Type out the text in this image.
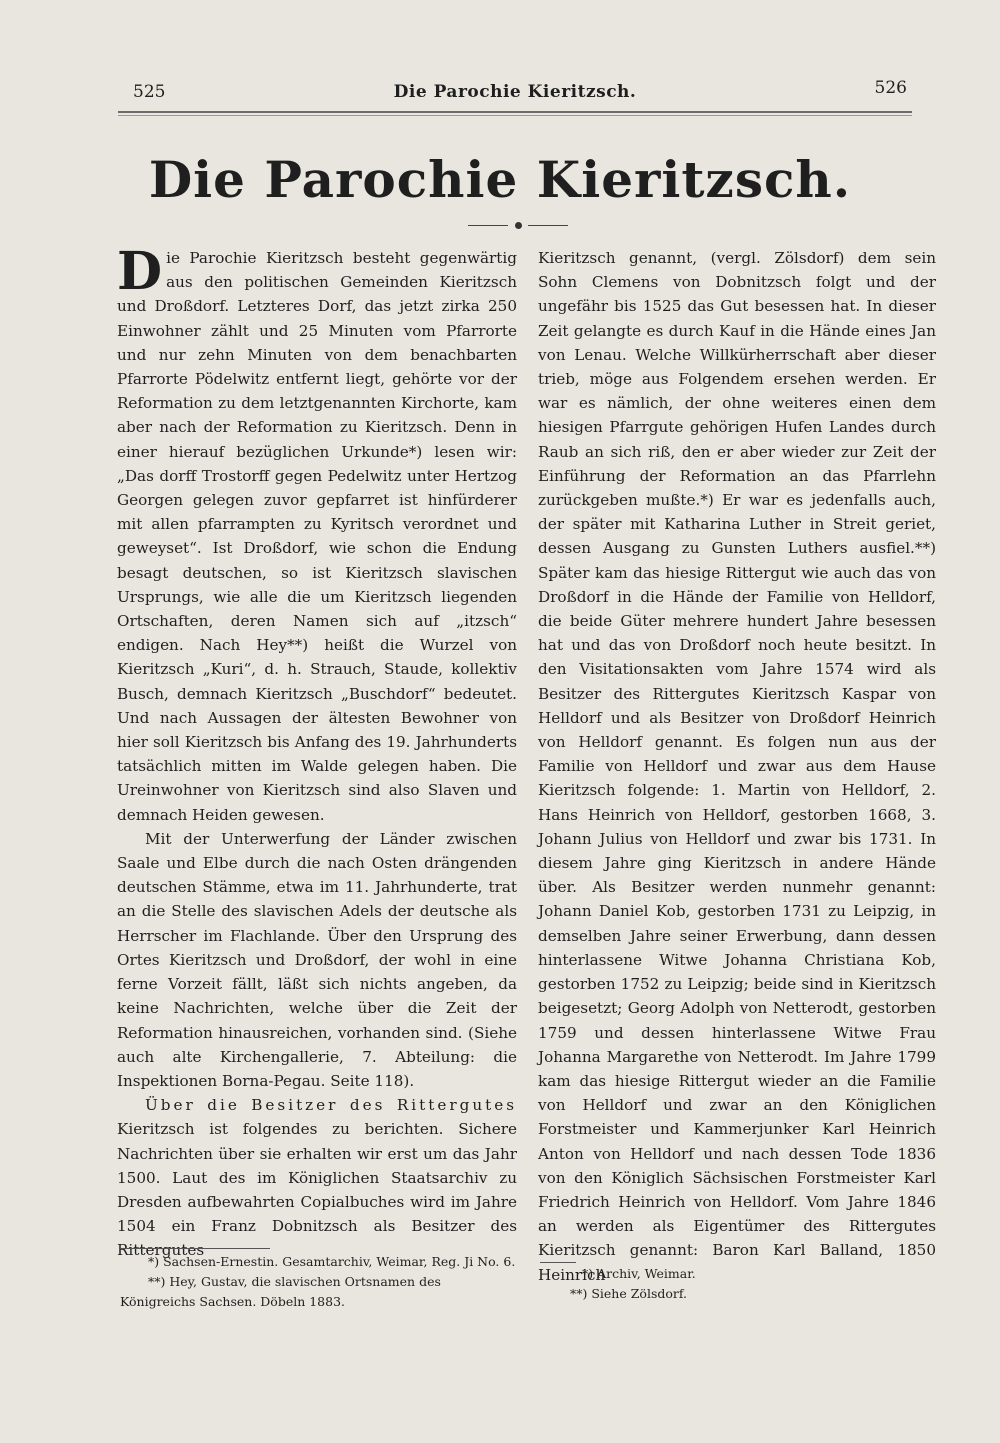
525	Die Parochie Kieritzsch.	526
Die Parochie Kieritzsch.

Die Parochie Kieritzsch besteht gegenwärtig aus den politischen Gemeinden Kieritzsch und Droßdorf. Letzteres Dorf, das jetzt zirka 250 Einwohner zählt und 25 Minuten vom Pfarrorte und nur zehn Minuten von dem benachbarten Pfarrorte Pödelwitz entfernt liegt, gehörte vor der Reformation zu dem letztgenannten Kirchorte, kam aber nach der Reformation zu Kieritzsch. Denn in einer hierauf bezüglichen Urkunde*) lesen wir: „Das dorff Trostorff gegen Pedelwitz unter Hertzog Georgen gelegen zuvor gepfarret ist hinfürderer mit allen pfarrampten zu Kyritsch verordnet und geweyset“. Ist Droßdorf, wie schon die Endung besagt deutschen, so ist Kieritzsch slavischen Ursprungs, wie alle die um Kieritzsch liegenden Ortschaften, deren Namen sich auf „itzsch“ endigen. Nach Hey**) heißt die Wurzel von Kieritzsch „Kuri“, d. h. Strauch, Staude, kollektiv Busch, demnach Kieritzsch „Buschdorf“ bedeutet. Und nach Aussagen der ältesten Bewohner von hier soll Kieritzsch bis Anfang des 19. Jahrhunderts tatsächlich mitten im Walde gelegen haben. Die Ureinwohner von Kieritzsch sind also Slaven und demnach Heiden gewesen.

Mit der Unterwerfung der Länder zwischen Saale und Elbe durch die nach Osten drängenden deutschen Stämme, etwa im 11. Jahrhunderte, trat an die Stelle des slavischen Adels der deutsche als Herrscher im Flachlande. Über den Ursprung des Ortes Kieritzsch und Droßdorf, der wohl in eine ferne Vorzeit fällt, läßt sich nichts angeben, da keine Nachrichten, welche über die Zeit der Reformation hinausreichen, vorhanden sind. (Siehe auch alte Kirchengallerie, 7. Abteilung: die Inspektionen Borna-Pegau. Seite 118).

Über die Besitzer des Rittergutes Kieritzsch ist folgendes zu berichten. Sichere Nachrichten über sie erhalten wir erst um das Jahr 1500. Laut des im Königlichen Staatsarchiv zu Dresden aufbewahrten Copialbuches wird im Jahre 1504 ein Franz Dobnitzsch als Besitzer des Rittergutes

*) Sachsen-Ernestin. Gesamtarchiv, Weimar, Reg. Ji No. 6.

**) Hey, Gustav, die slavischen Ortsnamen des Königreichs Sachsen. Döbeln 1883.

Kieritzsch genannt, (vergl. Zölsdorf) dem sein Sohn Clemens von Dobnitzsch folgt und der ungefähr bis 1525 das Gut besessen hat. In dieser Zeit gelangte es durch Kauf in die Hände eines Jan von Lenau. Welche Willkürherrschaft aber dieser trieb, möge aus Folgendem ersehen werden. Er war es nämlich, der ohne weiteres einen dem hiesigen Pfarrgute gehörigen Hufen Landes durch Raub an sich riß, den er aber wieder zur Zeit der Einführung der Reformation an das Pfarrlehn zurückgeben mußte.*) Er war es jedenfalls auch, der später mit Katharina Luther in Streit geriet, dessen Ausgang zu Gunsten Luthers ausfiel.**) Später kam das hiesige Rittergut wie auch das von Droßdorf in die Hände der Familie von Helldorf, die beide Güter mehrere hundert Jahre besessen hat und das von Droßdorf noch heute besitzt. In den Visitationsakten vom Jahre 1574 wird als Besitzer des Rittergutes Kieritzsch Kaspar von Helldorf und als Besitzer von Droßdorf Heinrich von Helldorf genannt. Es folgen nun aus der Familie von Helldorf und zwar aus dem Hause Kieritzsch folgende: 1. Martin von Helldorf, 2. Hans Heinrich von Helldorf, gestorben 1668, 3. Johann Julius von Helldorf und zwar bis 1731. In diesem Jahre ging Kieritzsch in andere Hände über. Als Besitzer werden nunmehr genannt: Johann Daniel Kob, gestorben 1731 zu Leipzig, in demselben Jahre seiner Erwerbung, dann dessen hinterlassene Witwe Johanna Christiana Kob, gestorben 1752 zu Leipzig; beide sind in Kieritzsch beigesetzt; Georg Adolph von Netterodt, gestorben 1759 und dessen hinterlassene Witwe Frau Johanna Margarethe von Netterodt. Im Jahre 1799 kam das hiesige Rittergut wieder an die Familie von Helldorf und zwar an den Königlichen Forstmeister und Kammerjunker Karl Heinrich Anton von Helldorf und nach dessen Tode 1836 von den Königlich Sächsischen Forstmeister Karl Friedrich Heinrich von Helldorf. Vom Jahre 1846 an werden als Eigentümer des Rittergutes Kieritzsch genannt: Baron Karl Balland, 1850 Heinrich

*) Archiv, Weimar.

**) Siehe Zölsdorf.
